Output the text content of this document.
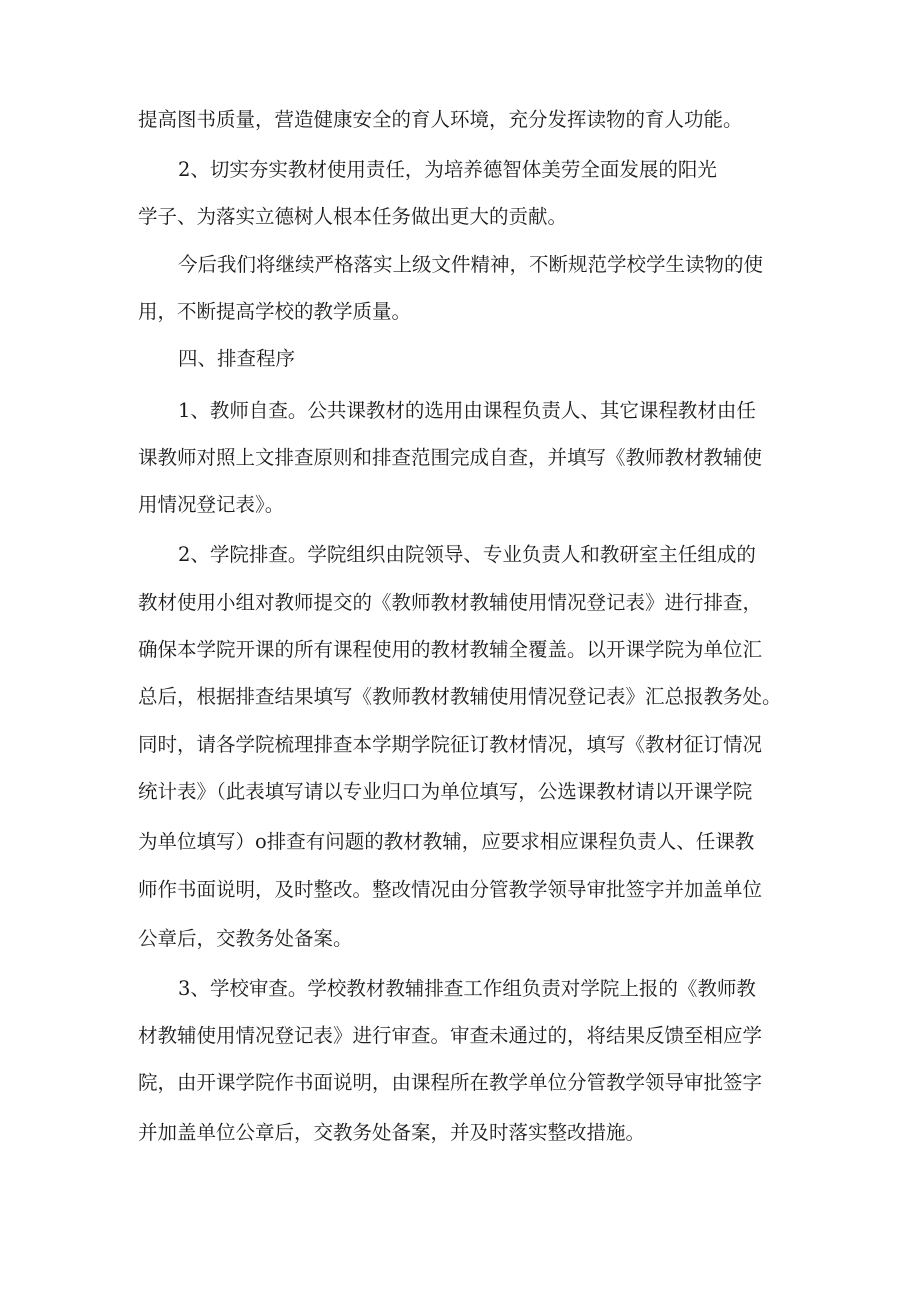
提高图书质量，营造健康安全的育人环境，充分发挥读物的育人功能。

2、切实夯实教材使用责任，为培养德智体美劳全面发展的阳光

学子、为落实立德树人根本任务做出更大的贡献。

今后我们将继续严格落实上级文件精神，不断规范学校学生读物的使

用，不断提高学校的教学质量。

四、排查程序

1、教师自查。公共课教材的选用由课程负责人、其它课程教材由任

课教师对照上文排查原则和排查范围完成自查，并填写《教师教材教辅使

用情况登记表》。

2、学院排查。学院组织由院领导、专业负责人和教研室主任组成的

教材使用小组对教师提交的《教师教材教辅使用情况登记表》进行排查，

确保本学院开课的所有课程使用的教材教辅全覆盖。以开课学院为单位汇

总后，根据排查结果填写《教师教材教辅使用情况登记表》汇总报教务处。

同时，请各学院梳理排查本学期学院征订教材情况，填写《教材征订情况

统计表》（此表填写请以专业归口为单位填写，公选课教材请以开课学院

为单位填写）o排查有问题的教材教辅，应要求相应课程负责人、任课教

师作书面说明，及时整改。整改情况由分管教学领导审批签字并加盖单位

公章后，交教务处备案。

3、学校审查。学校教材教辅排查工作组负责对学院上报的《教师教

材教辅使用情况登记表》进行审查。审查未通过的，将结果反馈至相应学

院，由开课学院作书面说明，由课程所在教学单位分管教学领导审批签字

并加盖单位公章后，交教务处备案，并及时落实整改措施。
